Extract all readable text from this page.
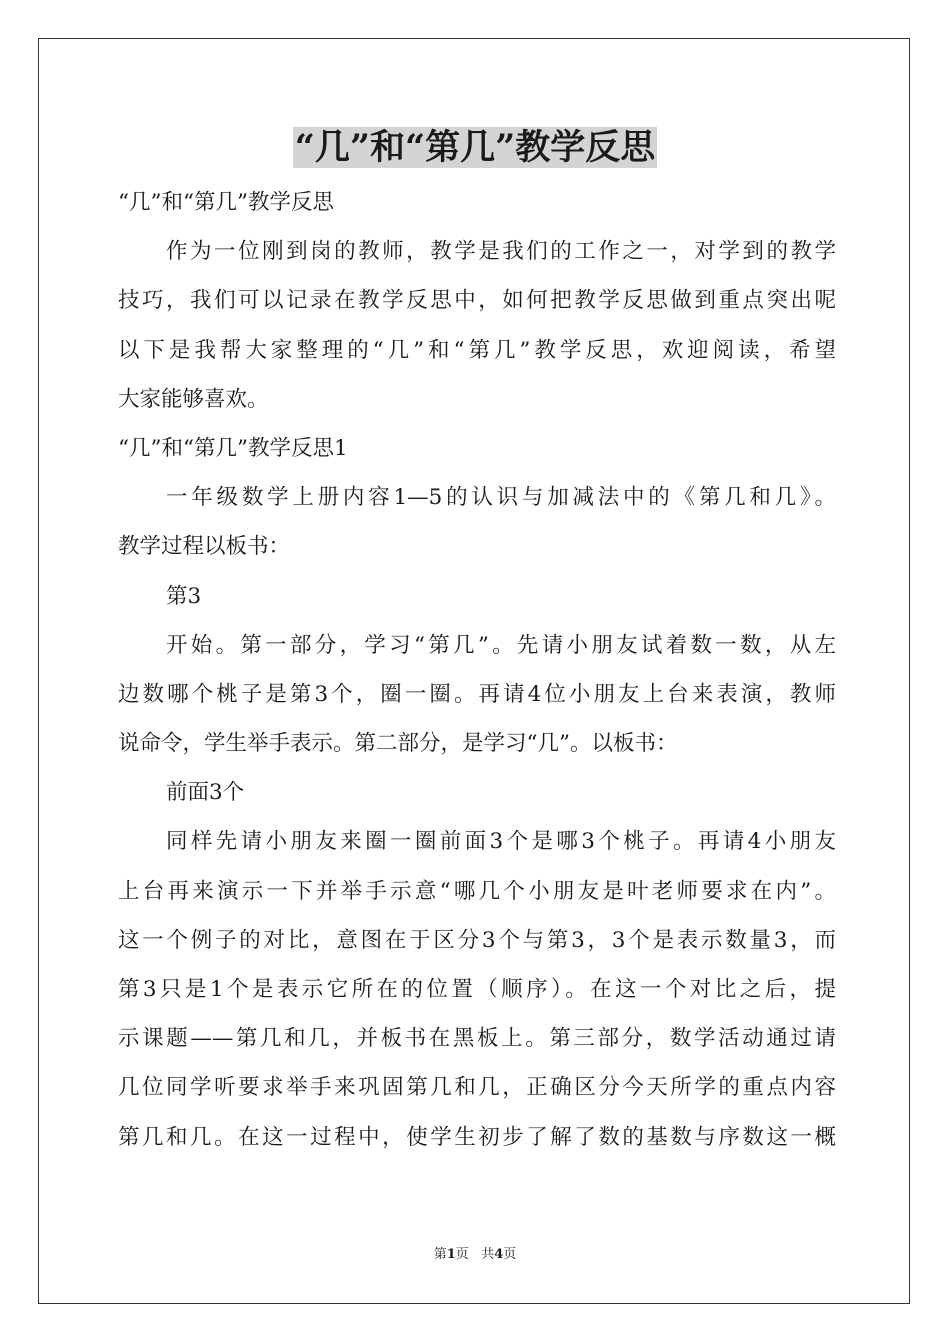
“几”和“第几”教学反思

“几”和“第几”教学反思

作为一位刚到岗的教师，教学是我们的工作之一，对学到的教学

技巧，我们可以记录在教学反思中，如何把教学反思做到重点突出呢

以下是我帮大家整理的“几”和“第几”教学反思，欢迎阅读，希望

大家能够喜欢。

“几”和“第几”教学反思1

一年级数学上册内容1—5的认识与加减法中的《第几和几》。

教学过程以板书：

第3

开始。第一部分，学习“第几”。先请小朋友试着数一数，从左

边数哪个桃子是第3个，圈一圈。再请4位小朋友上台来表演，教师

说命令，学生举手表示。第二部分，是学习“几”。以板书：

前面3个

同样先请小朋友来圈一圈前面3个是哪3个桃子。再请4小朋友

上台再来演示一下并举手示意“哪几个小朋友是叶老师要求在内”。

这一个例子的对比，意图在于区分3个与第3，3个是表示数量3，而

第3只是1个是表示它所在的位置（顺序）。在这一个对比之后，提

示课题——第几和几，并板书在黑板上。第三部分，数学活动通过请

几位同学听要求举手来巩固第几和几，正确区分今天所学的重点内容

第几和几。在这一过程中，使学生初步了解了数的基数与序数这一概

第1页 共4页
